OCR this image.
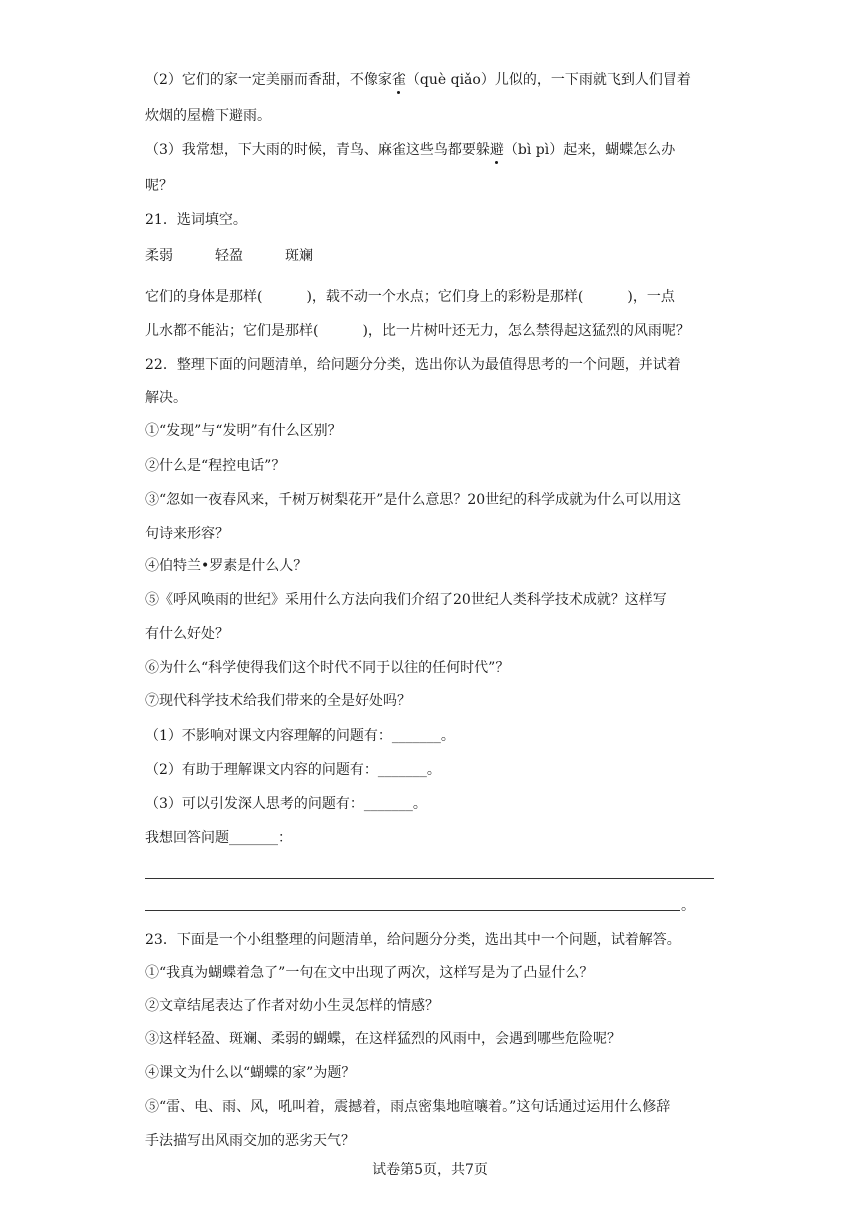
（2）它们的家一定美丽而香甜，不像家雀（què qiǎo）儿似的，一下雨就飞到人们冒着
炊烟的屋檐下避雨。
（3）我常想，下大雨的时候，青鸟、麻雀这些鸟都要躲避（bì pì）起来，蝴蝶怎么办
呢？
21．选词填空。
柔弱	轻盈	斑斓
它们的身体是那样(	)，载不动一个水点；它们身上的彩粉是那样(	)，一点
儿水都不能沾；它们是那样(	)，比一片树叶还无力，怎么禁得起这猛烈的风雨呢？
22．整理下面的问题清单，给问题分分类，选出你认为最值得思考的一个问题，并试着
解决。
①“发现”与“发明”有什么区别？
②什么是“程控电话”？
③“忽如一夜春风来，千树万树梨花开”是什么意思？20世纪的科学成就为什么可以用这
句诗来形容？
④伯特兰•罗素是什么人？
⑤《呼风唤雨的世纪》采用什么方法向我们介绍了20世纪人类科学技术成就？这样写
有什么好处？
⑥为什么“科学使得我们这个时代不同于以往的任何时代”？
⑦现代科学技术给我们带来的全是好处吗？
（1）不影响对课文内容理解的问题有：_______。
（2）有助于理解课文内容的问题有：_______。
（3）可以引发深人思考的问题有：_______。
我想回答问题_______：
。
23．下面是一个小组整理的问题清单，给问题分分类，选出其中一个问题，试着解答。
①“我真为蝴蝶着急了”一句在文中出现了两次，这样写是为了凸显什么？
②文章结尾表达了作者对幼小生灵怎样的情感？
③这样轻盈、斑斓、柔弱的蝴蝶，在这样猛烈的风雨中，会遇到哪些危险呢？
④课文为什么以“蝴蝶的家”为题？
⑤“雷、电、雨、风，吼叫着，震撼着，雨点密集地喧嚷着。”这句话通过运用什么修辞
手法描写出风雨交加的恶劣天气？
试卷第5页，共7页
